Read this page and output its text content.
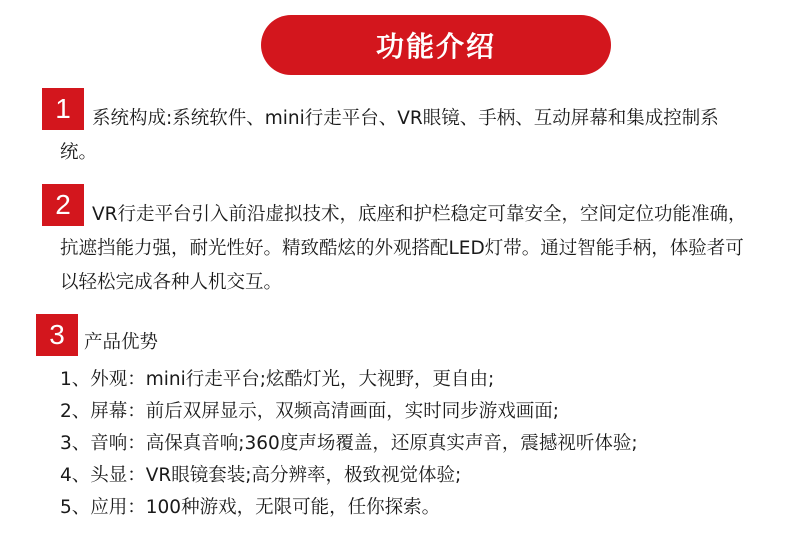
功能介绍
1	系统构成:系统软件、mini行走平台、VR眼镜、手柄、互动屏幕和集成控制系统。
2	VR行走平台引入前沿虚拟技术，底座和护栏稳定可靠安全，空间定位功能准确，抗遮挡能力强，耐光性好。精致酷炫的外观搭配LED灯带。通过智能手柄，体验者可以轻松完成各种人机交互。
3	产品优势
1、外观：mini行走平台;炫酷灯光，大视野，更自由;
2、屏幕：前后双屏显示，双频高清画面，实时同步游戏画面;
3、音响：高保真音响;360度声场覆盖，还原真实声音，震撼视听体验;
4、头显：VR眼镜套装;高分辨率，极致视觉体验;
5、应用：100种游戏，无限可能，任你探索。
